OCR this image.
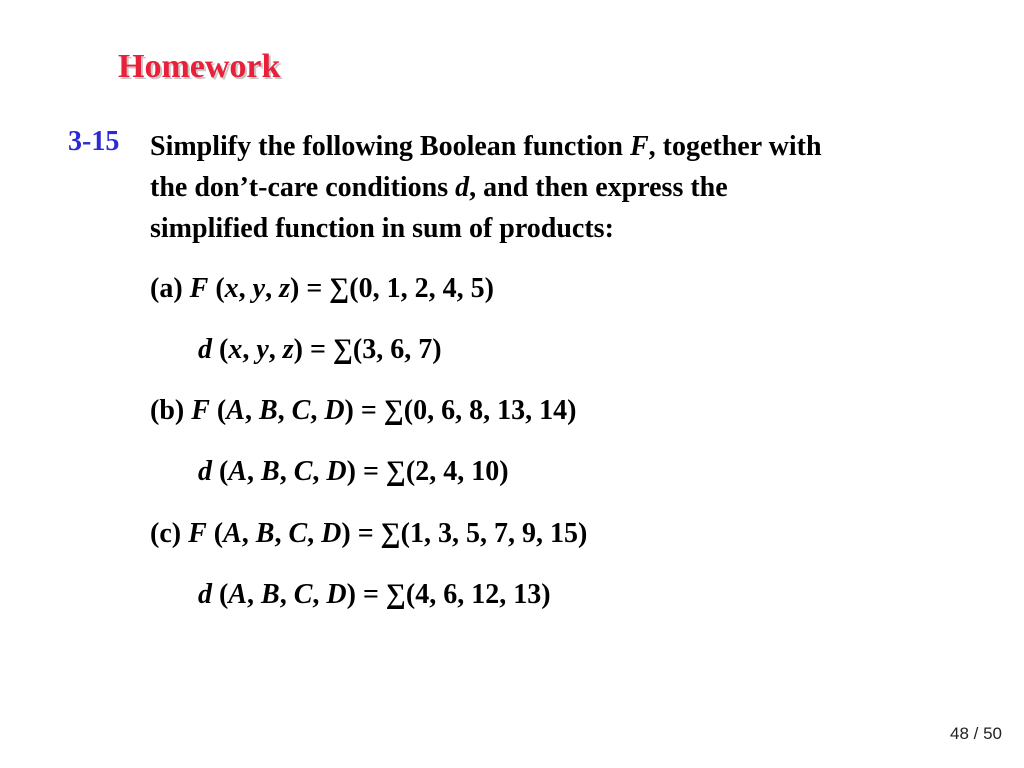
Homework
3-15 Simplify the following Boolean function F, together with
the don’t-care conditions d, and then express the
simplified function in sum of products:
(a) F (x, y, z) = ∑(0, 1, 2, 4, 5)
d (x, y, z) = ∑(3, 6, 7)
(b) F (A, B, C, D) = ∑(0, 6, 8, 13, 14)
d (A, B, C, D) = ∑(2, 4, 10)
(c) F (A, B, C, D) = ∑(1, 3, 5, 7, 9, 15)
d (A, B, C, D) = ∑(4, 6, 12, 13)
48 / 50
